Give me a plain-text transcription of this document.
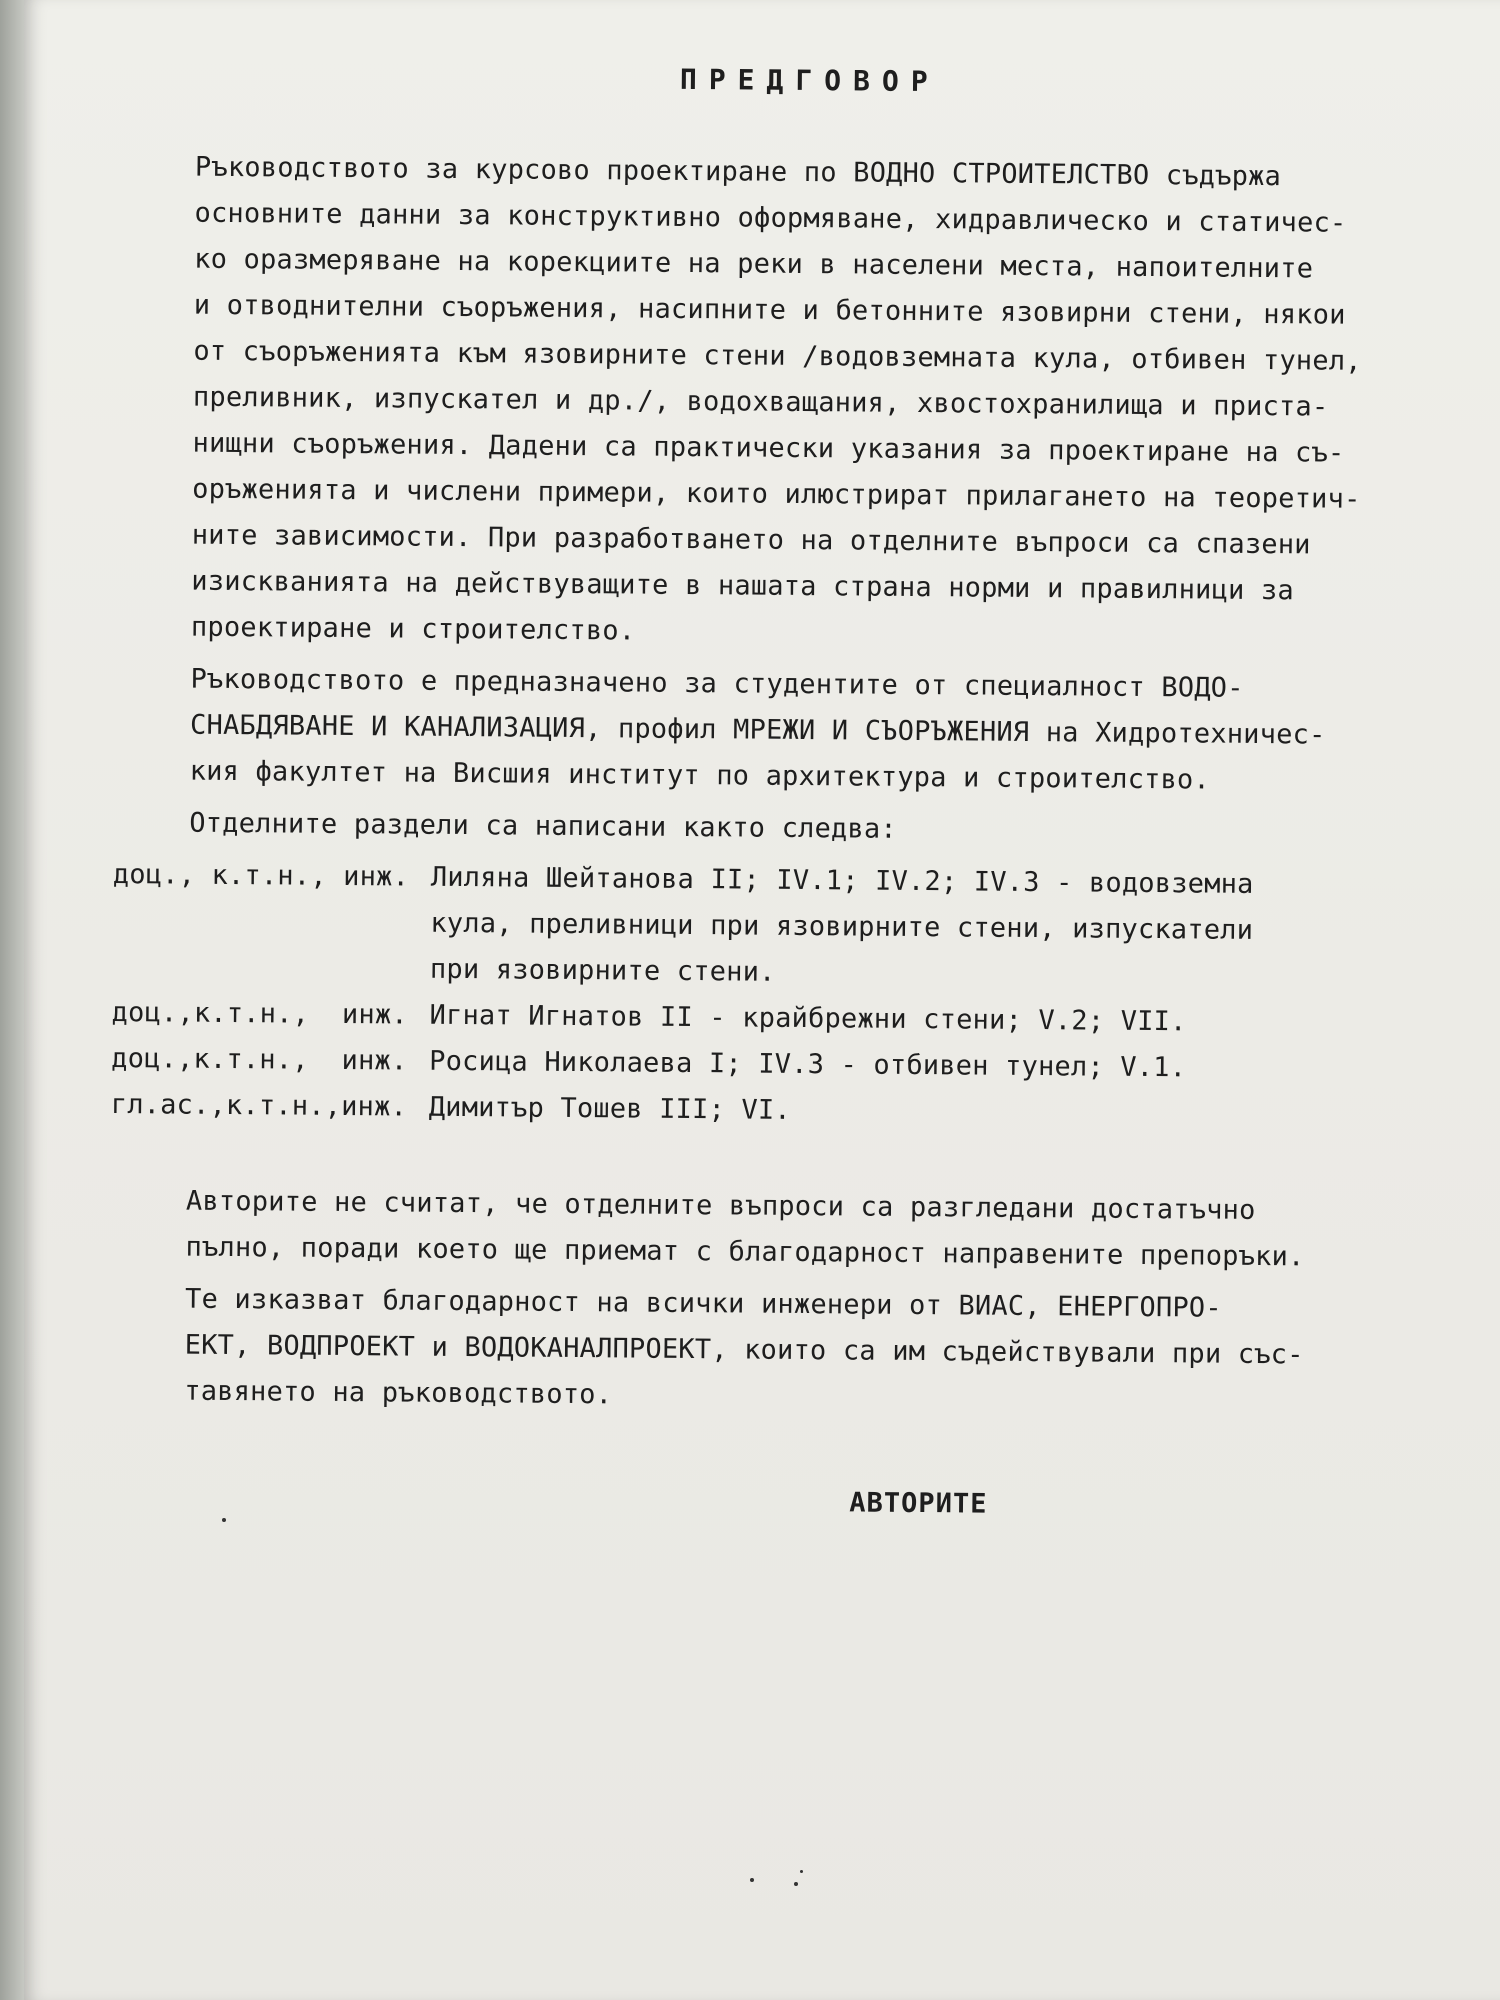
ПРЕДГОВОР

Ръководството за курсово проектиране по ВОДНО СТРОИТЕЛСТВО съдържа
основните данни за конструктивно оформяване, хидравлическо и статичес-
ко оразмеряване на корекциите на реки в населени места, напоителните
и отводнителни съоръжения, насипните и бетонните язовирни стени, някои
от съоръженията към язовирните стени /водовземната кула, отбивен тунел,
преливник, изпускател и др./, водохващания, хвостохранилища и приста-
нищни съоръжения. Дадени са практически указания за проектиране на съ-
оръженията и числени примери, които илюстрират прилагането на теоретич-
ните зависимости. При разработването на отделните въпроси са спазени
изискванията на действуващите в нашата страна норми и правилници за
проектиране и строителство.

Ръководството е предназначено за студентите от специалност ВОДО-
СНАБДЯВАНЕ И КАНАЛИЗАЦИЯ, профил МРЕЖИ И СЪОРЪЖЕНИЯ на Хидротехничес-
кия факултет на Висшия институт по архитектура и строителство.

Отделните раздели са написани както следва:

доц., к.т.н., инж. Лиляна Шейтанова II; IV.1; IV.2; IV.3 - водовземна
кула, преливници при язовирните стени, изпускатели
при язовирните стени.
доц.,к.т.н.,  инж. Игнат Игнатов II - крайбрежни стени; V.2; VII.
доц.,к.т.н.,  инж. Росица Николаева I; IV.3 - отбивен тунел; V.1.
гл.ас.,к.т.н.,инж. Димитър Тошев III; VI.

Авторите не считат, че отделните въпроси са разгледани достатъчно
пълно, поради което ще приемат с благодарност направените препоръки.

Те изказват благодарност на всички инженери от ВИАС, ЕНЕРГОПРО-
ЕКТ, ВОДПРОЕКТ и ВОДОКАНАЛПРОЕКТ, които са им съдействували при със-
тавянето на ръководството.

АВТОРИТЕ
